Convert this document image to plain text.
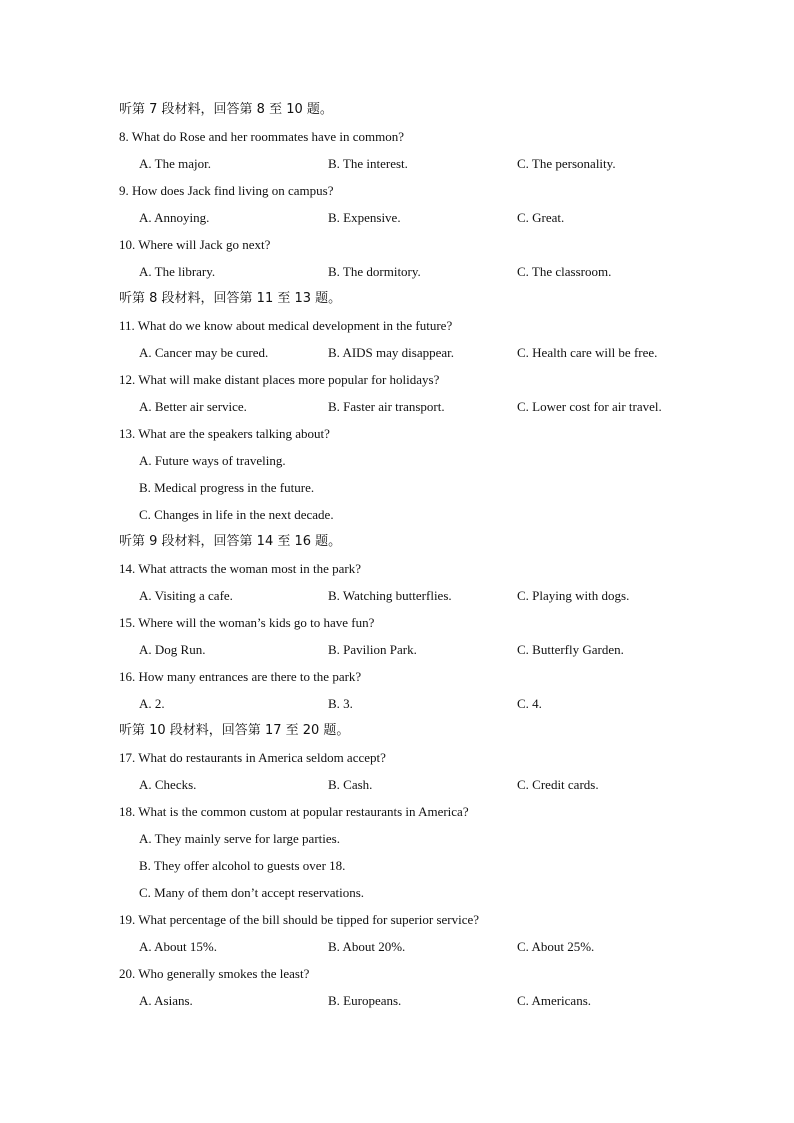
听第 7 段材料，回答第 8 至 10 题。
8. What do Rose and her roommates have in common?
A. The major.	B. The interest.	C. The personality.
9. How does Jack find living on campus?
A. Annoying.	B. Expensive.	C. Great.
10. Where will Jack go next?
A. The library.	B. The dormitory.	C. The classroom.
听第 8 段材料，回答第 11 至 13 题。
11. What do we know about medical development in the future?
A. Cancer may be cured.	B. AIDS may disappear.	C. Health care will be free.
12. What will make distant places more popular for holidays?
A. Better air service.	B. Faster air transport.	C. Lower cost for air travel.
13. What are the speakers talking about?
A. Future ways of traveling.
B. Medical progress in the future.
C. Changes in life in the next decade.
听第 9 段材料，回答第 14 至 16 题。
14. What attracts the woman most in the park?
A. Visiting a cafe.	B. Watching butterflies.	C. Playing with dogs.
15. Where will the woman’s kids go to have fun?
A. Dog Run.	B. Pavilion Park.	C. Butterfly Garden.
16. How many entrances are there to the park?
A. 2.	B. 3.	C. 4.
听第 10 段材料，回答第 17 至 20 题。
17. What do restaurants in America seldom accept?
A. Checks.	B. Cash.	C. Credit cards.
18. What is the common custom at popular restaurants in America?
A. They mainly serve for large parties.
B. They offer alcohol to guests over 18.
C. Many of them don’t accept reservations.
19. What percentage of the bill should be tipped for superior service?
A. About 15%.	B. About 20%.	C. About 25%.
20. Who generally smokes the least?
A. Asians.	B. Europeans.	C. Americans.
